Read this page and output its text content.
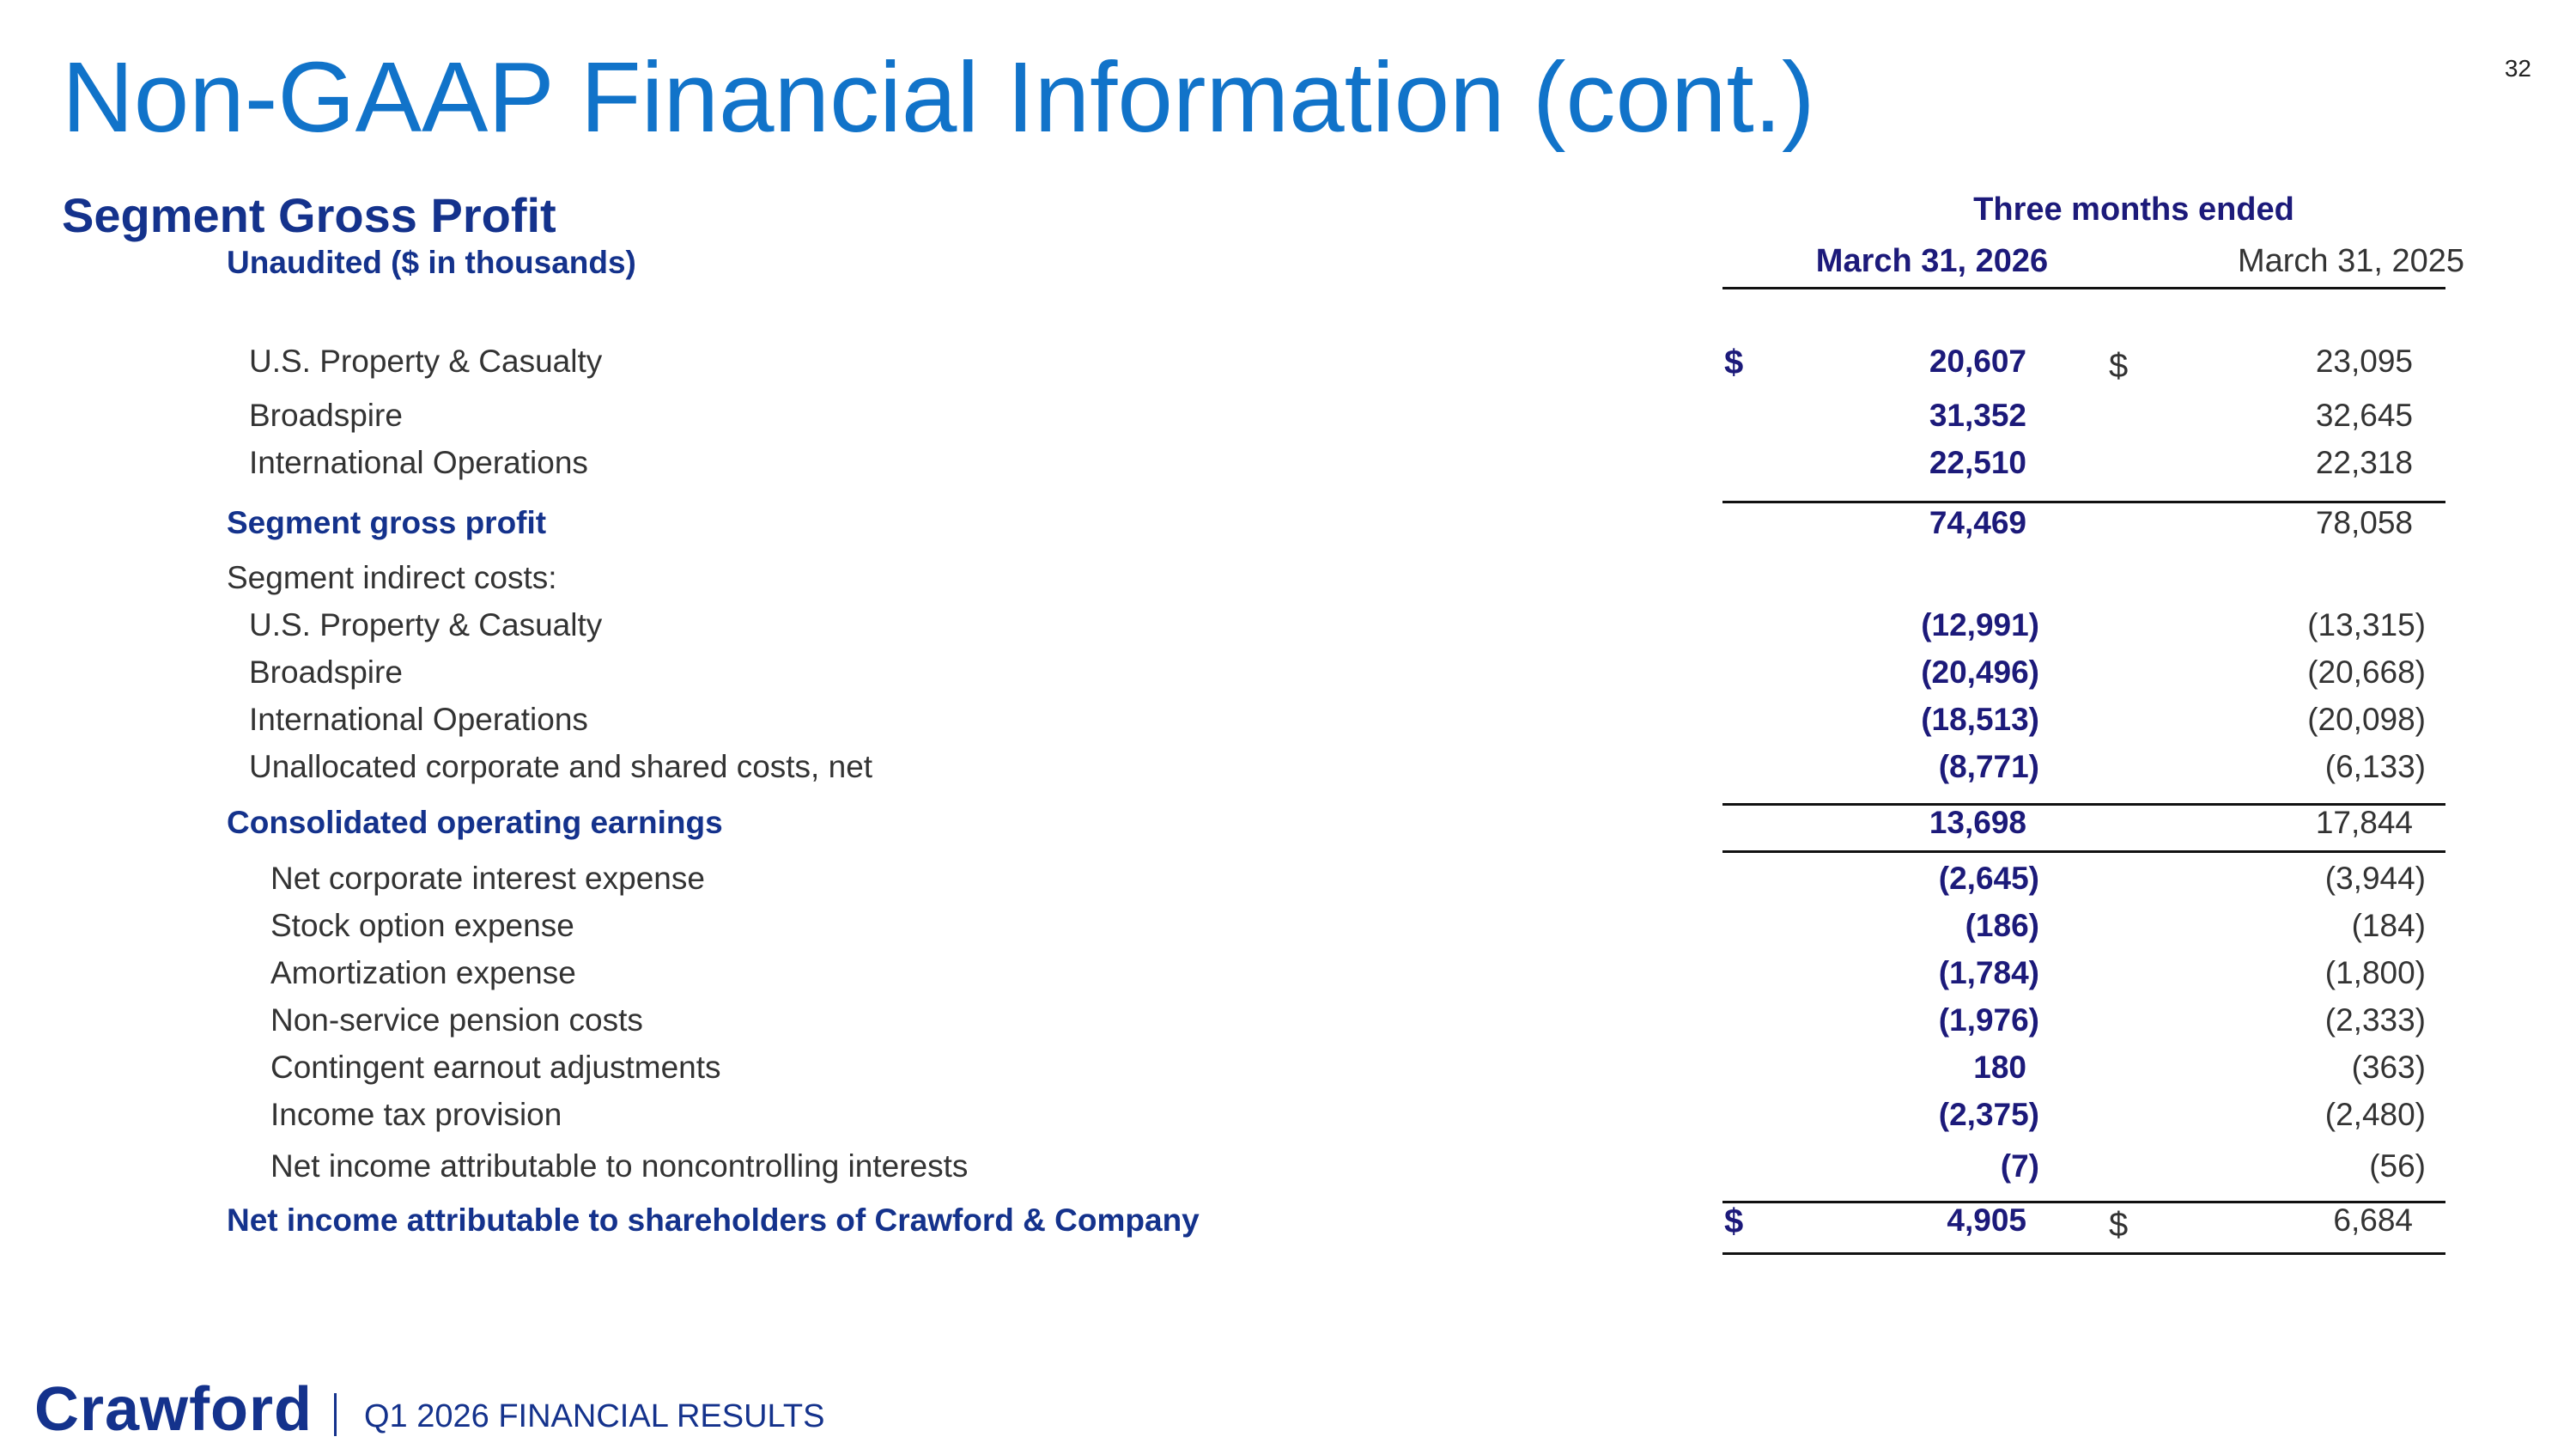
32
Non-GAAP Financial Information (cont.)
Segment Gross Profit
Unaudited ($ in thousands)
Three months ended
March 31, 2026	March 31, 2025
U.S. Property & Casualty	$	20,607 $	23,095
Broadspire	31,352	32,645
International Operations	22,510	22,318
Segment gross profit	74,469	78,058
Segment indirect costs:
U.S. Property & Casualty	(12,991)	(13,315)
Broadspire	(20,496)	(20,668)
International Operations	(18,513)	(20,098)
Unallocated corporate and shared costs, net	(8,771)	(6,133)
Consolidated operating earnings	13,698	17,844
Net corporate interest expense	(2,645)	(3,944)
Stock option expense	(186)	(184)
Amortization expense	(1,784)	(1,800)
Non-service pension costs	(1,976)	(2,333)
Contingent earnout adjustments	180	(363)
Income tax provision	(2,375)	(2,480)
Net income attributable to noncontrolling interests	(7)	(56)
Net income attributable to shareholders of Crawford & Company	$	4,905 $	6,684
Crawford Q1 2026 FINANCIAL RESULTS
